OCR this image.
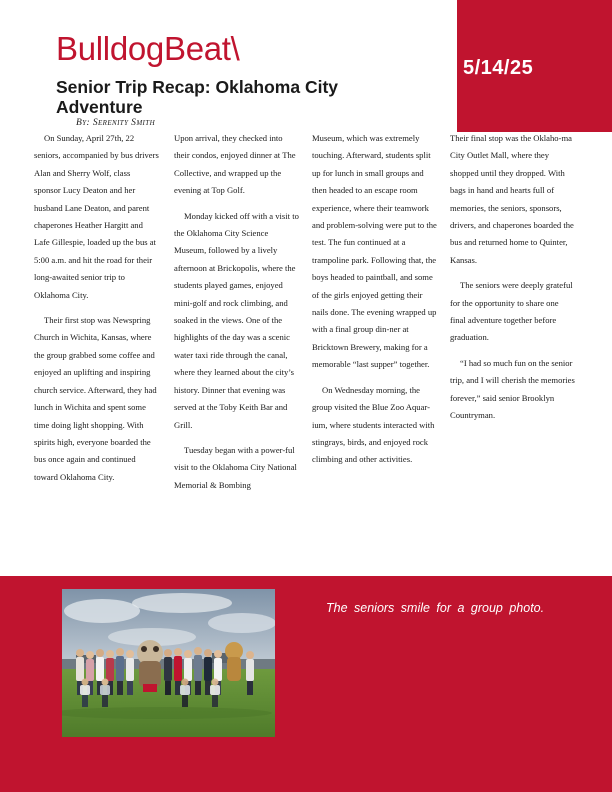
5/14/25
BulldogBeat\
Senior Trip Recap: Oklahoma City Adventure
By: Serenity Smith

On Sunday, April 27th, 22 seniors, accompanied by bus drivers Alan and Sherry Wolf, class sponsor Lucy Deaton and her husband Lane Deaton, and parent chaperones Heather Hargitt and Lafe Gillespie, loaded up the bus at 5:00 a.m. and hit the road for their long-awaited senior trip to Oklahoma City.

Their first stop was Newspring Church in Wichita, Kansas, where the group grabbed some coffee and enjoyed an uplifting and inspiring church service. Afterward, they had lunch in Wichita and spent some time doing light shopping. With spirits high, everyone boarded the bus once again and continued toward Oklahoma City.

Upon arrival, they checked into their condos, enjoyed dinner at The Collective, and wrapped up the evening at Top Golf.

Monday kicked off with a visit to the Oklahoma City Science Museum, followed by a lively afternoon at Brickopolis, where the students played games, enjoyed mini-golf and rock climbing, and soaked in the views. One of the highlights of the day was a scenic water taxi ride through the canal, where they learned about the city’s history. Dinner that evening was served at the Toby Keith Bar and Grill.

Tuesday began with a power-ful visit to the Oklahoma City National Memorial & Bombing

Museum, which was extremely touching. Afterward, students split up for lunch in small groups and then headed to an escape room experience, where their teamwork and problem-solving were put to the test. The fun continued at a trampoline park. Following that, the boys headed to paintball, and some of the girls enjoyed getting their nails done. The evening wrapped up with a final group din-ner at Bricktown Brewery, making for a memorable “last supper” together.

On Wednesday morning, the group visited the Blue Zoo Aquar-ium, where students interacted with stingrays, birds, and enjoyed rock climbing and other activities.

Their final stop was the Oklaho-ma City Outlet Mall, where they shopped until they dropped. With bags in hand and hearts full of memories, the seniors, sponsors, drivers, and chaperones boarded the bus and returned home to Quinter, Kansas.

The seniors were deeply grateful for the opportunity to share one final adventure together before graduation.

“I had so much fun on the senior trip, and I will cherish the memories forever,” said senior Brooklyn Countryman.

The seniors smile for a group photo.
